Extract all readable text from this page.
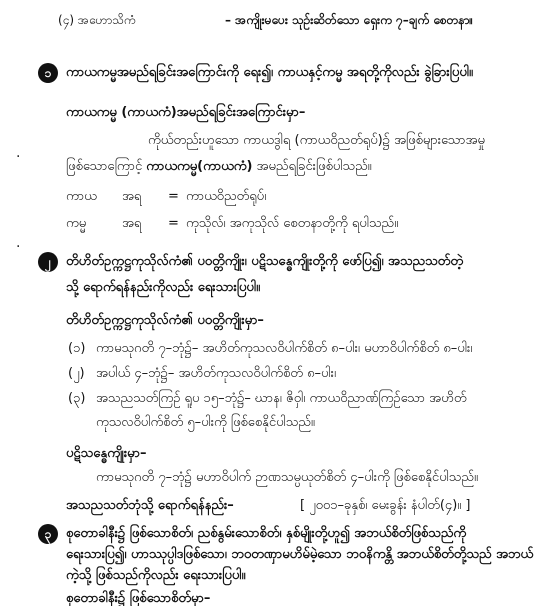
(၄) အဟောသိကံ	– အကျိုးမပေး သုဉ်းဆိတ်သော ရှေးက ၇–ချက် စေတနာ။
၁	ကာယကမ္မအမည်ရခြင်းအကြောင်းကို ရေး၍၊ ကာယနှင့်ကမ္မ အရတို့ကိုလည်း ခွဲခြားပြပါ။
ကာယကမ္မ (ကာယကံ)အမည်ရခြင်းအကြောင်းမှာ–
ကိုယ်တည်းဟူသော ကာယဒွါရ (ကာယဝိညတ်ရုပ်)၌ အဖြစ်များသောအမှု
ဖြစ်သောကြောင့် ကာယကမ္မ(ကာယကံ) အမည်ရခြင်းဖြစ်ပါသည်။
ကာယ အရ = ကာယဝိညတ်ရုပ်၊
ကမ္မ	အရ = ကုသိုလ်၊ အကုသိုလ် စေတနာတို့ကို ရပါသည်။
၂	တိဟိတ်ဥက္ကဋ္ဌကုသိုလ်ကံ၏ ပဝတ္တိကျိုး၊ ပဋိသန္ဓေကျိုးတို့ကို ဖော်ပြ၍၊ အသညသတ်တဲ့
သို့ ရောက်ရန်နည်းကိုလည်း ရေးသားပြပါ။
တိဟိတ်ဥက္ကဋ္ဌကုသိုလ်ကံ၏ ပဝတ္တိကျိုးမှာ–
(၁) ကာမသုဂတိ ၇–ဘုံ၌– အဟိတ်ကုသလဝိပါက်စိတ် ၈–ပါး၊ မဟာဝိပါက်စိတ် ၈–ပါး၊
(၂) အပါယ် ၄–ဘုံ၌– အဟိတ်ကုသလဝိပါက်စိတ် ၈–ပါး၊
(၃) အသညသတ်ကြဉ် ရူပ ၁၅–ဘုံ၌– ဃာန၊ ဇိဝှါ၊ ကာယဝိညာဏ်ကြဉ်သော အဟိတ်
ကုသလဝိပါက်စိတ် ၅–ပါးကို ဖြစ်စေနိုင်ပါသည်။
ပဋိသန္ဓေကျိုးမှာ–
ကာမသုဂတိ ၇–ဘုံ၌ မဟာဝိပါက် ဉာဏသမ္ပယုတ်စိတ် ၄–ပါးကို ဖြစ်စေနိုင်ပါသည်။
အသညသတ်ဘုံသို့ ရောက်ရန်နည်း–	[ ၂၀၀၁–ခုနှစ်၊ မေးခွန်း နံပါတ်(၄)။ ]
၃	စုတောခါနီး၌ ဖြစ်သောစိတ်၊ ညစ်နွမ်းသောစိတ်၊ နှစ်မျိုးတို့ဟူ၍ အဘယ်စိတ်ဖြစ်သည်ကို
ရေးသားပြ၍၊ ဟာဿုပ္ပါဒဖြစ်သော၊ ဘဝတဏှာမဟိမ်မဲ့သော ဘဝနိကန္တိ အဘယ်စိတ်တို့သည် အဘယ်
ကဲ့သို့ ဖြစ်သည်ကိုလည်း ရေးသားပြပါ။
စုတောခါနီး၌ ဖြစ်သောစိတ်မှာ–
·
·
